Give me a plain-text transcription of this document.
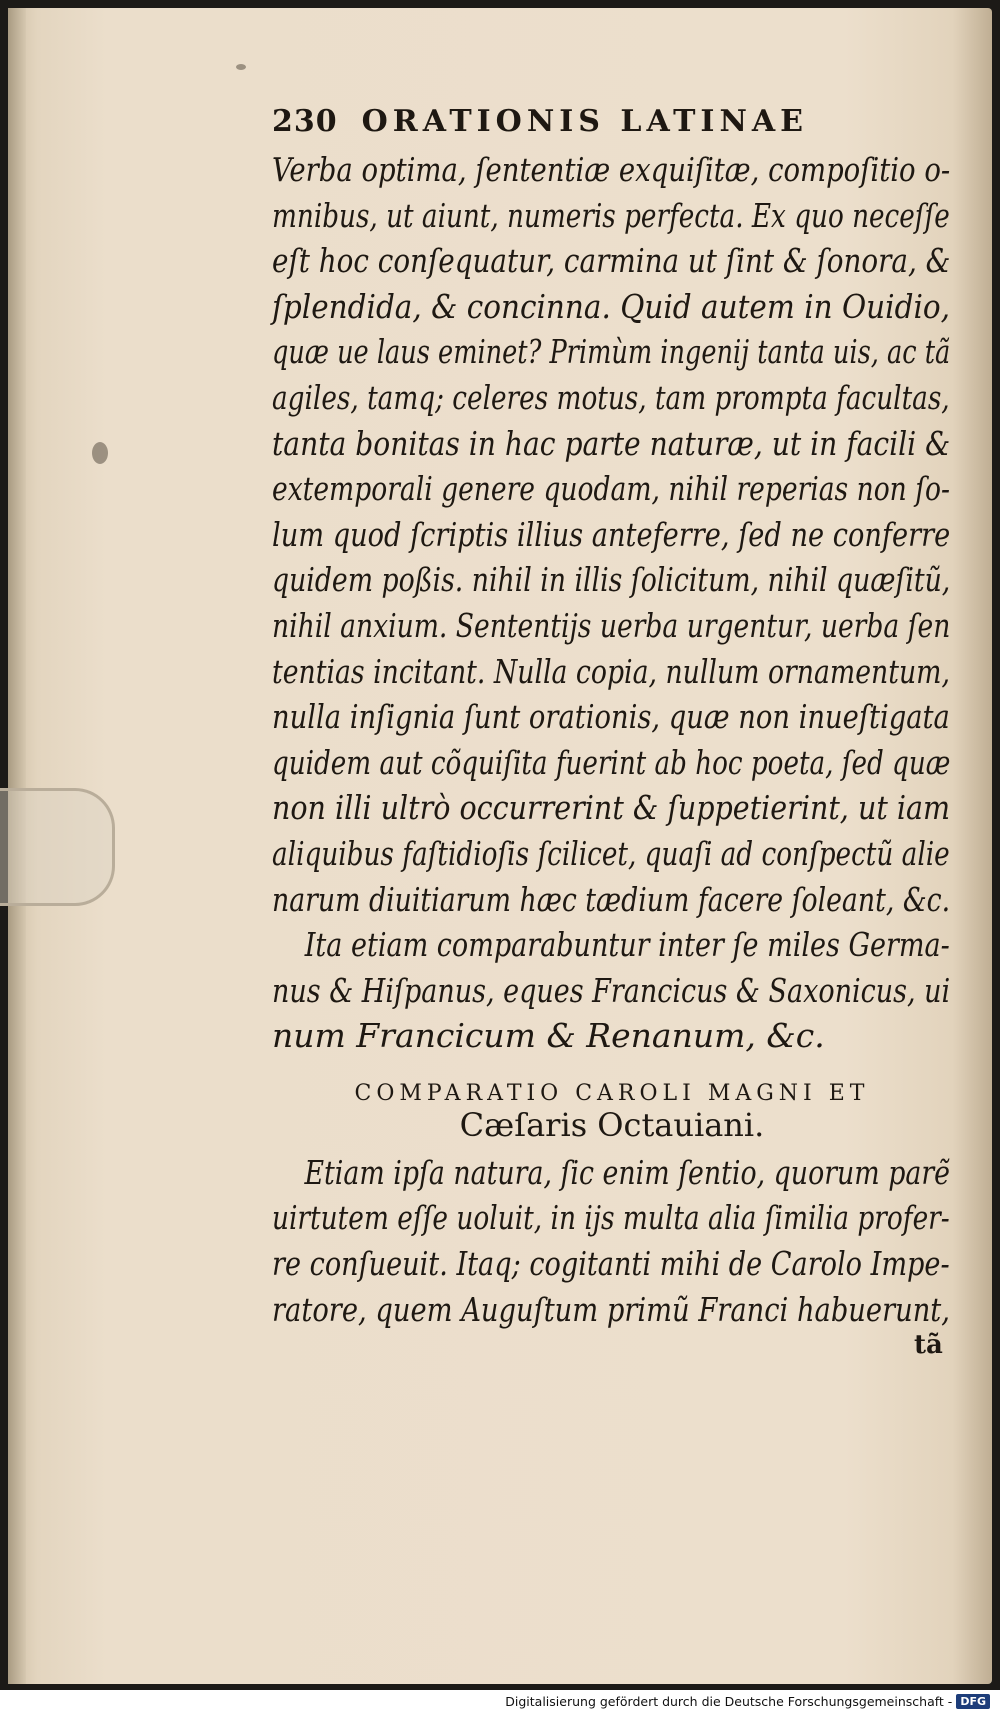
230 ORATIONIS LATINAE
Verba optima, ſententiæ exquiſitæ, compoſitio o-
mnibus, ut aiunt, numeris perfecta. Ex quo neceſſe
eſt hoc conſequatur, carmina ut ſint & ſonora, &
ſplendida, & concinna. Quid autem in Ouidio,
quæ ue laus eminet? Primùm ingenij tanta uis, ac tã
agiles, tamq; celeres motus, tam prompta facultas,
tanta bonitas in hac parte naturæ, ut in facili &
extemporali genere quodam, nihil reperias non ſo-
lum quod ſcriptis illius anteferre, ſed ne conferre
quidem poßis. nihil in illis ſolicitum, nihil quæſitũ,
nihil anxium. Sententijs uerba urgentur, uerba ſen
tentias incitant. Nulla copia, nullum ornamentum,
nulla inſignia ſunt orationis, quæ non inueſtigata
quidem aut cõquiſita fuerint ab hoc poeta, ſed quæ
non illi ultrò occurrerint & ſuppetierint, ut iam
aliquibus faſtidioſis ſcilicet, quaſi ad conſpectũ alie
narum diuitiarum hæc tædium facere ſoleant, &c.
Ita etiam comparabuntur inter ſe miles Germa-
nus & Hiſpanus, eques Francicus & Saxonicus, ui
num Francicum & Renanum, &c.
COMPARATIO CAROLI MAGNI ET
Cæſaris Octauiani.
Etiam ipſa natura, ſic enim ſentio, quorum parẽ
uirtutem eſſe uoluit, in ijs multa alia ſimilia profer-
re conſueuit. Itaq; cogitanti mihi de Carolo Impe-
ratore, quem Auguſtum primũ Franci habuerunt,
tã
Digitalisierung gefördert durch die Deutsche Forschungsgemeinschaft - DFG
